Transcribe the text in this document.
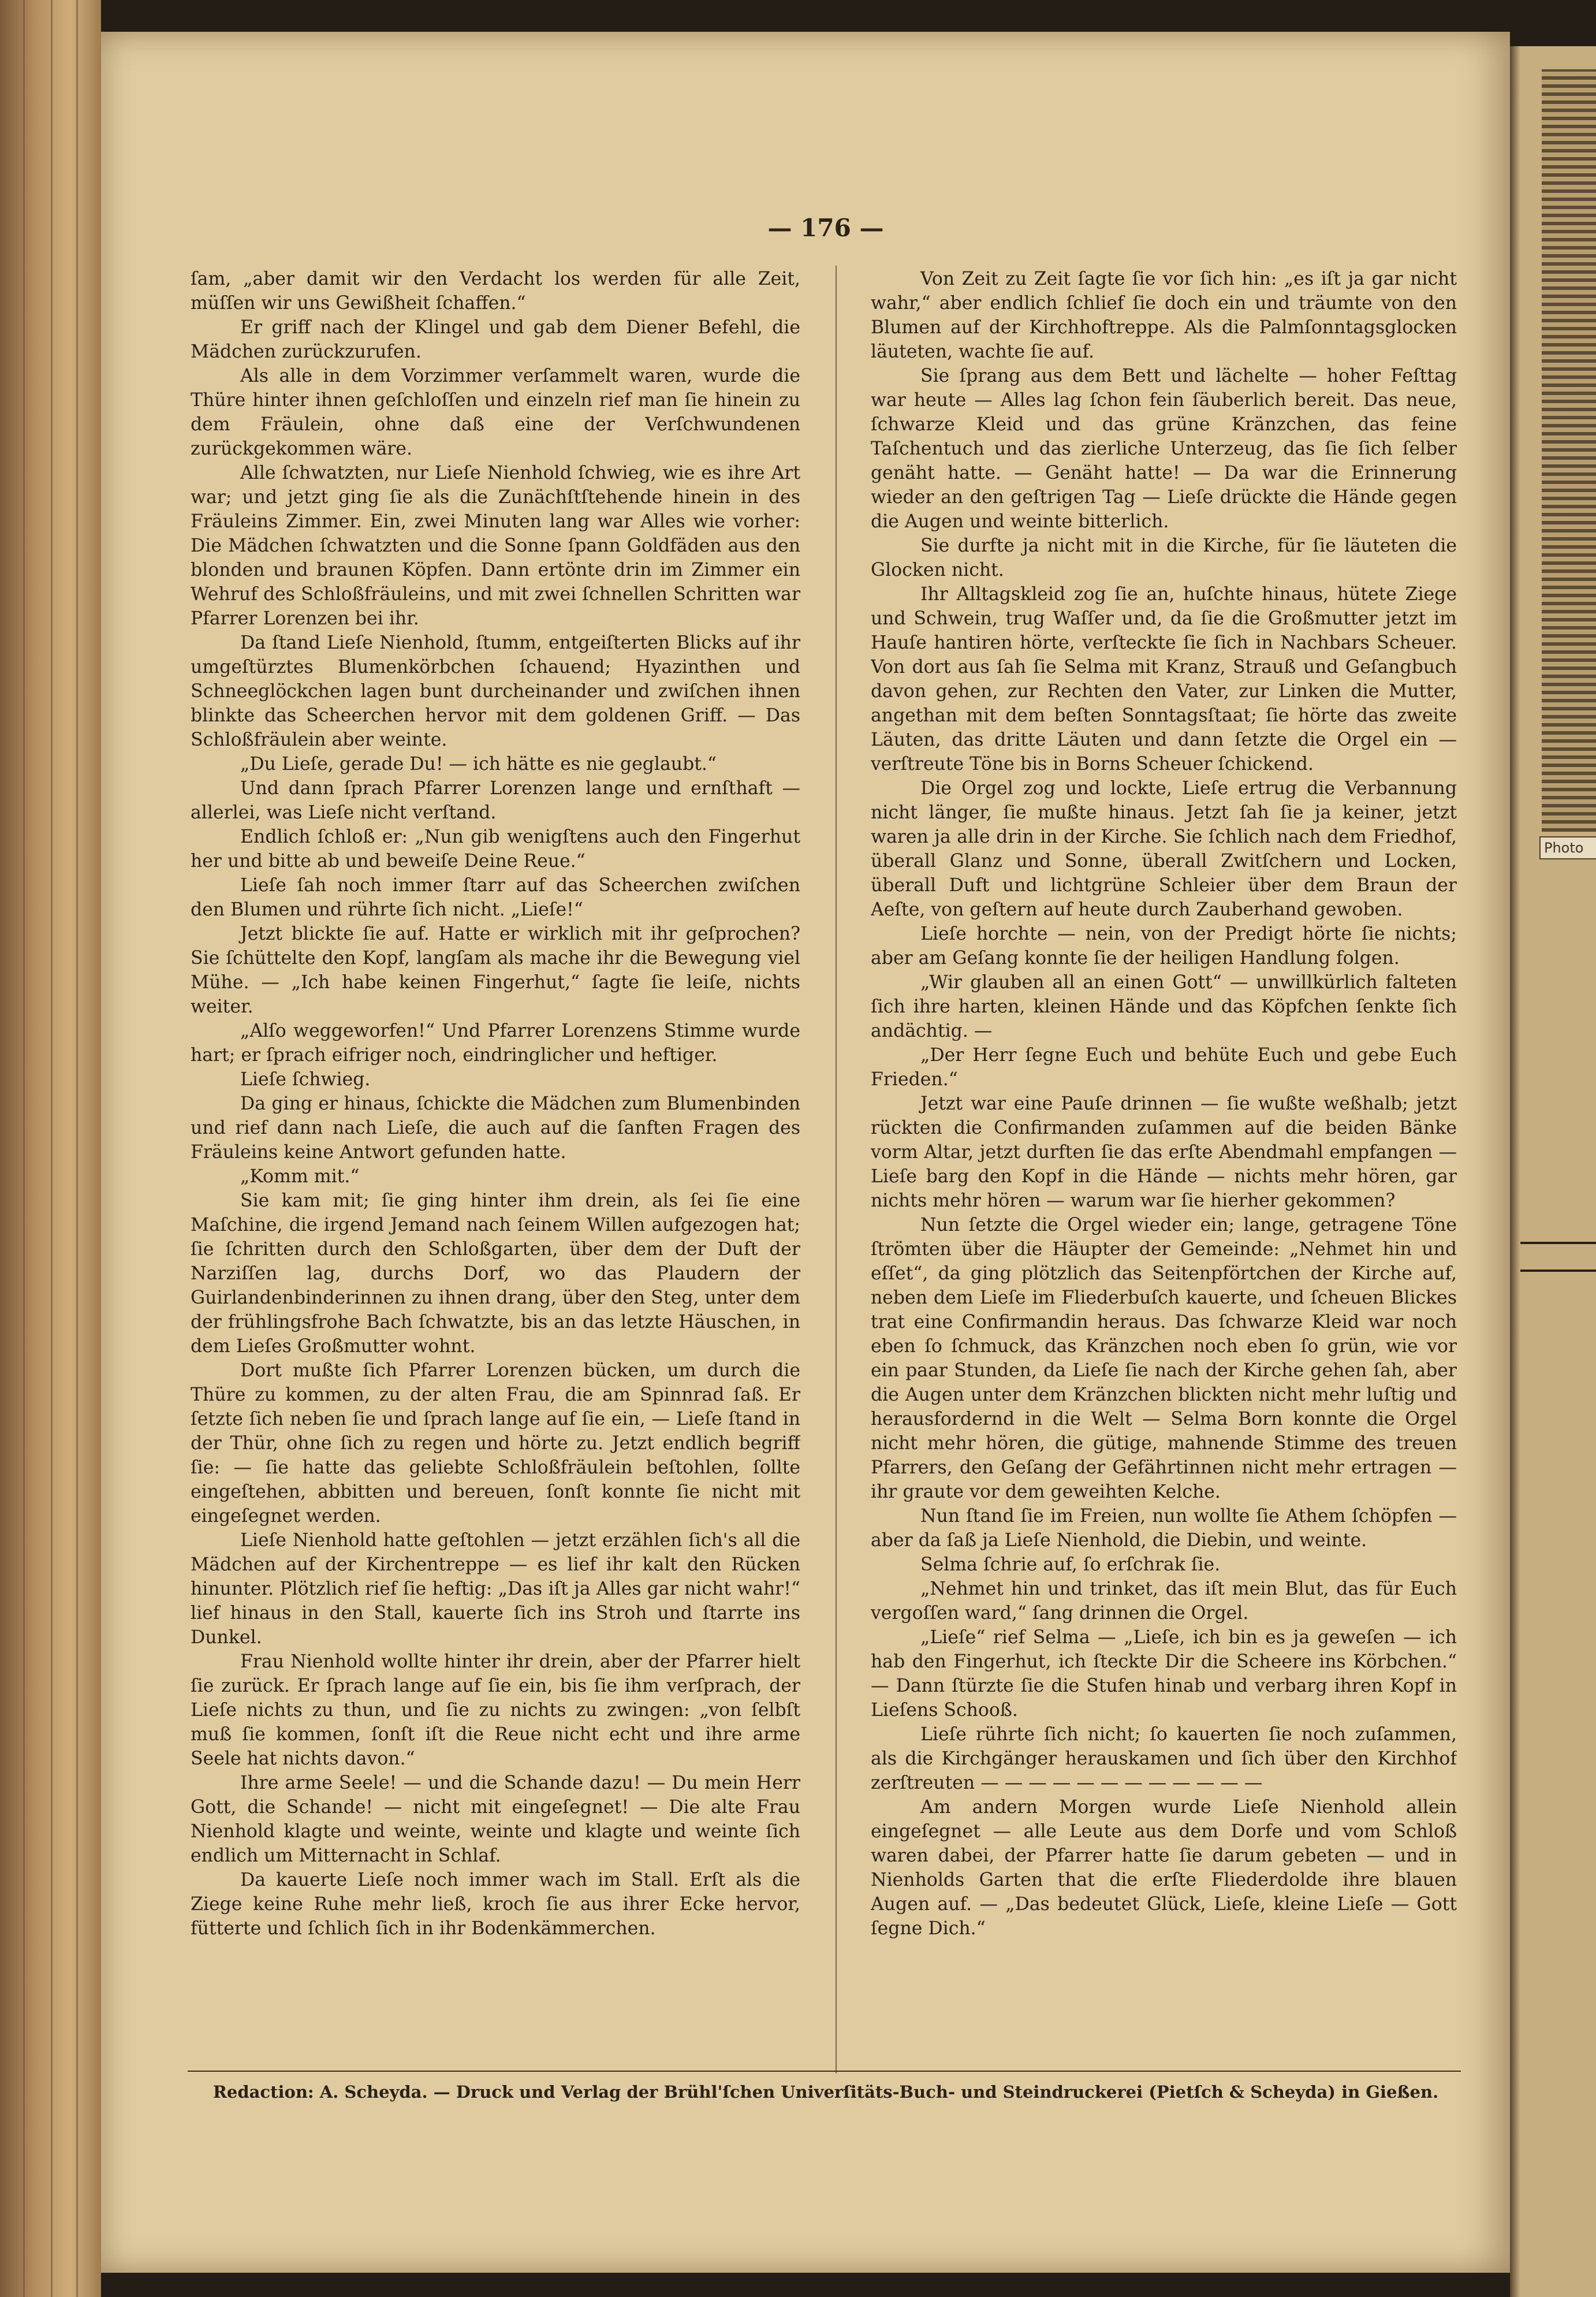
Photo
— 176 —

ſam, „aber damit wir den Verdacht los werden für alle Zeit, müſſen wir uns Gewißheit ſchaffen.“

Er griff nach der Klingel und gab dem Diener Befehl, die Mädchen zurückzurufen.

Als alle in dem Vorzimmer verſammelt waren, wurde die Thüre hinter ihnen geſchloſſen und einzeln rief man ſie hinein zu dem Fräulein, ohne daß eine der Verſchwundenen zurückgekommen wäre.

Alle ſchwatzten, nur Lieſe Nienhold ſchwieg, wie es ihre Art war; und jetzt ging ſie als die Zunächſtſtehende hinein in des Fräuleins Zimmer. Ein, zwei Minuten lang war Alles wie vorher: Die Mädchen ſchwatzten und die Sonne ſpann Goldfäden aus den blonden und braunen Köpfen. Dann ertönte drin im Zimmer ein Wehruf des Schloßfräuleins, und mit zwei ſchnellen Schritten war Pfarrer Lorenzen bei ihr.

Da ſtand Lieſe Nienhold, ſtumm, entgeiſterten Blicks auf ihr umgeſtürztes Blumenkörbchen ſchauend; Hyazinthen und Schneeglöckchen lagen bunt durcheinander und zwiſchen ihnen blinkte das Scheerchen hervor mit dem goldenen Griff. — Das Schloßfräulein aber weinte.

„Du Lieſe, gerade Du! — ich hätte es nie geglaubt.“

Und dann ſprach Pfarrer Lorenzen lange und ernſthaft — allerlei, was Lieſe nicht verſtand.

Endlich ſchloß er: „Nun gib wenigſtens auch den Fingerhut her und bitte ab und beweiſe Deine Reue.“

Lieſe ſah noch immer ſtarr auf das Scheerchen zwiſchen den Blumen und rührte ſich nicht. „Lieſe!“

Jetzt blickte ſie auf. Hatte er wirklich mit ihr geſprochen? Sie ſchüttelte den Kopf, langſam als mache ihr die Bewegung viel Mühe. — „Ich habe keinen Fingerhut,“ ſagte ſie leiſe, nichts weiter.

„Alſo weggeworfen!“ Und Pfarrer Lorenzens Stimme wurde hart; er ſprach eifriger noch, eindringlicher und heftiger.

Lieſe ſchwieg.

Da ging er hinaus, ſchickte die Mädchen zum Blumenbinden und rief dann nach Lieſe, die auch auf die ſanften Fragen des Fräuleins keine Antwort gefunden hatte.

„Komm mit.“

Sie kam mit; ſie ging hinter ihm drein, als ſei ſie eine Maſchine, die irgend Jemand nach ſeinem Willen aufgezogen hat; ſie ſchritten durch den Schloßgarten, über dem der Duft der Narziſſen lag, durchs Dorf, wo das Plaudern der Guirlandenbinderinnen zu ihnen drang, über den Steg, unter dem der frühlingsfrohe Bach ſchwatzte, bis an das letzte Häuschen, in dem Lieſes Großmutter wohnt.

Dort mußte ſich Pfarrer Lorenzen bücken, um durch die Thüre zu kommen, zu der alten Frau, die am Spinnrad ſaß. Er ſetzte ſich neben ſie und ſprach lange auf ſie ein, — Lieſe ſtand in der Thür, ohne ſich zu regen und hörte zu. Jetzt endlich begriff ſie: — ſie hatte das geliebte Schloßfräulein beſtohlen, ſollte eingeſtehen, abbitten und bereuen, ſonſt konnte ſie nicht mit eingeſegnet werden.

Lieſe Nienhold hatte geſtohlen — jetzt erzählen ſich's all die Mädchen auf der Kirchentreppe — es lief ihr kalt den Rücken hinunter. Plötzlich rief ſie heftig: „Das iſt ja Alles gar nicht wahr!“ lief hinaus in den Stall, kauerte ſich ins Stroh und ſtarrte ins Dunkel.

Frau Nienhold wollte hinter ihr drein, aber der Pfarrer hielt ſie zurück. Er ſprach lange auf ſie ein, bis ſie ihm verſprach, der Lieſe nichts zu thun, und ſie zu nichts zu zwingen: „von ſelbſt muß ſie kommen, ſonſt iſt die Reue nicht echt und ihre arme Seele hat nichts davon.“

Ihre arme Seele! — und die Schande dazu! — Du mein Herr Gott, die Schande! — nicht mit eingeſegnet! — Die alte Frau Nienhold klagte und weinte, weinte und klagte und weinte ſich endlich um Mitternacht in Schlaf.

Da kauerte Lieſe noch immer wach im Stall. Erſt als die Ziege keine Ruhe mehr ließ, kroch ſie aus ihrer Ecke hervor, fütterte und ſchlich ſich in ihr Bodenkämmerchen.

Von Zeit zu Zeit ſagte ſie vor ſich hin: „es iſt ja gar nicht wahr,“ aber endlich ſchlief ſie doch ein und träumte von den Blumen auf der Kirchhoftreppe. Als die Palmſonntagsglocken läuteten, wachte ſie auf.

Sie ſprang aus dem Bett und lächelte — hoher Feſttag war heute — Alles lag ſchon fein ſäuberlich bereit. Das neue, ſchwarze Kleid und das grüne Kränzchen, das feine Taſchentuch und das zierliche Unterzeug, das ſie ſich ſelber genäht hatte. — Genäht hatte! — Da war die Erinnerung wieder an den geſtrigen Tag — Lieſe drückte die Hände gegen die Augen und weinte bitterlich.

Sie durfte ja nicht mit in die Kirche, für ſie läuteten die Glocken nicht.

Ihr Alltagskleid zog ſie an, huſchte hinaus, hütete Ziege und Schwein, trug Waſſer und, da ſie die Großmutter jetzt im Hauſe hantiren hörte, verſteckte ſie ſich in Nachbars Scheuer. Von dort aus ſah ſie Selma mit Kranz, Strauß und Geſangbuch davon gehen, zur Rechten den Vater, zur Linken die Mutter, angethan mit dem beſten Sonntagsſtaat; ſie hörte das zweite Läuten, das dritte Läuten und dann ſetzte die Orgel ein — verſtreute Töne bis in Borns Scheuer ſchickend.

Die Orgel zog und lockte, Lieſe ertrug die Verbannung nicht länger, ſie mußte hinaus. Jetzt ſah ſie ja keiner, jetzt waren ja alle drin in der Kirche. Sie ſchlich nach dem Friedhof, überall Glanz und Sonne, überall Zwitſchern und Locken, überall Duft und lichtgrüne Schleier über dem Braun der Aeſte, von geſtern auf heute durch Zauberhand gewoben.

Lieſe horchte — nein, von der Predigt hörte ſie nichts; aber am Geſang konnte ſie der heiligen Handlung folgen.

„Wir glauben all an einen Gott“ — unwillkürlich falteten ſich ihre harten, kleinen Hände und das Köpfchen ſenkte ſich andächtig. —

„Der Herr ſegne Euch und behüte Euch und gebe Euch Frieden.“

Jetzt war eine Pauſe drinnen — ſie wußte weßhalb; jetzt rückten die Confirmanden zuſammen auf die beiden Bänke vorm Altar, jetzt durften ſie das erſte Abendmahl empfangen — Lieſe barg den Kopf in die Hände — nichts mehr hören, gar nichts mehr hören — warum war ſie hierher gekommen?

Nun ſetzte die Orgel wieder ein; lange, getragene Töne ſtrömten über die Häupter der Gemeinde: „Nehmet hin und eſſet“, da ging plötzlich das Seitenpförtchen der Kirche auf, neben dem Lieſe im Fliederbuſch kauerte, und ſcheuen Blickes trat eine Confirmandin heraus. Das ſchwarze Kleid war noch eben ſo ſchmuck, das Kränzchen noch eben ſo grün, wie vor ein paar Stunden, da Lieſe ſie nach der Kirche gehen ſah, aber die Augen unter dem Kränzchen blickten nicht mehr luſtig und herausfordernd in die Welt — Selma Born konnte die Orgel nicht mehr hören, die gütige, mahnende Stimme des treuen Pfarrers, den Geſang der Gefährtinnen nicht mehr ertragen — ihr graute vor dem geweihten Kelche.

Nun ſtand ſie im Freien, nun wollte ſie Athem ſchöpfen — aber da ſaß ja Lieſe Nienhold, die Diebin, und weinte.

Selma ſchrie auf, ſo erſchrak ſie.

„Nehmet hin und trinket, das iſt mein Blut, das für Euch vergoſſen ward,“ ſang drinnen die Orgel.

„Lieſe“ rief Selma — „Lieſe, ich bin es ja geweſen — ich hab den Fingerhut, ich ſteckte Dir die Scheere ins Körbchen.“ — Dann ſtürzte ſie die Stufen hinab und verbarg ihren Kopf in Lieſens Schooß.

Lieſe rührte ſich nicht; ſo kauerten ſie noch zuſammen, als die Kirchgänger herauskamen und ſich über den Kirchhof zerſtreuten — — — — — — — — — — — —

Am andern Morgen wurde Lieſe Nienhold allein eingeſegnet — alle Leute aus dem Dorfe und vom Schloß waren dabei, der Pfarrer hatte ſie darum gebeten — und in Nienholds Garten that die erſte Fliederdolde ihre blauen Augen auf. — „Das bedeutet Glück, Lieſe, kleine Lieſe — Gott ſegne Dich.“

Redaction: A. Scheyda. — Druck und Verlag der Brühl'ſchen Univerſitäts-Buch- und Steindruckerei (Pietſch & Scheyda) in Gießen.
